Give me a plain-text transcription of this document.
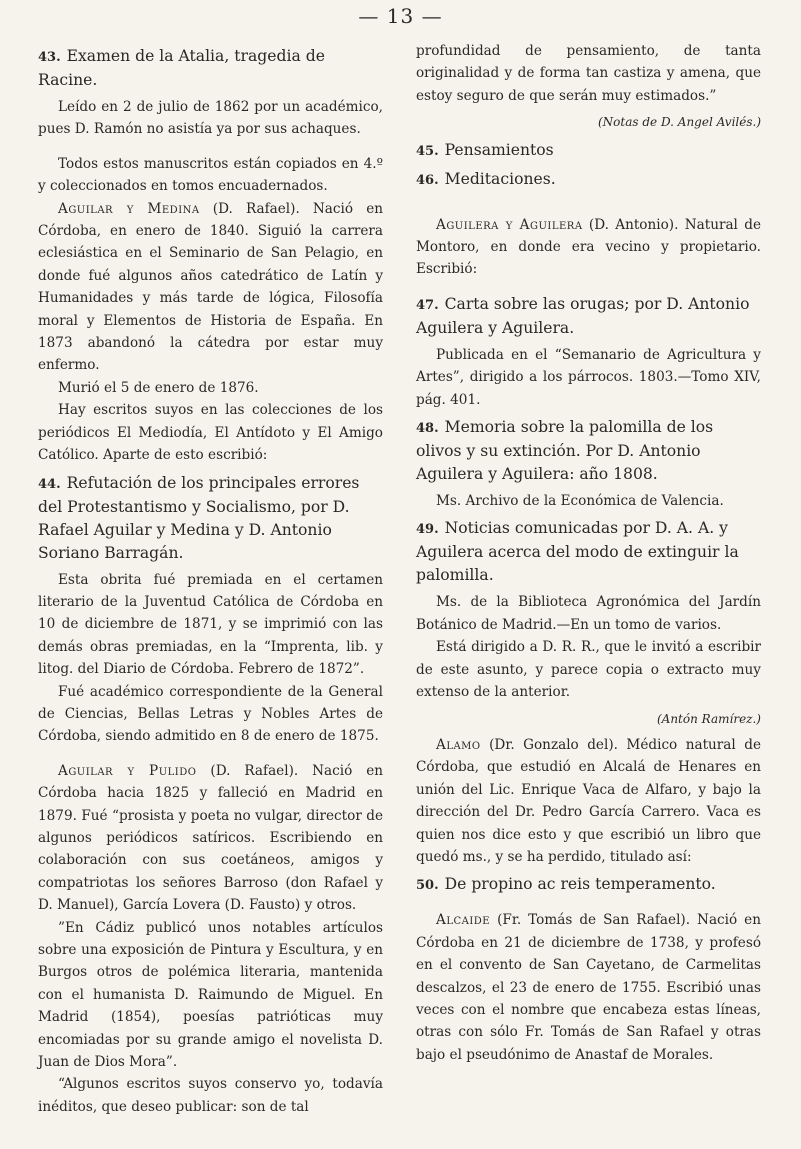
— 13 —

43. Examen de la Atalia, tragedia de Racine.

Leído en 2 de julio de 1862 por un académico, pues D. Ramón no asistía ya por sus achaques.

Todos estos manuscritos están copiados en 4.º y coleccionados en tomos encuadernados.

Aguilar y Medina (D. Rafael). Nació en Córdoba, en enero de 1840. Siguió la carrera eclesiástica en el Seminario de San Pelagio, en donde fué algunos años catedrático de Latín y Humanidades y más tarde de lógica, Filosofía moral y Elementos de Historia de España. En 1873 abandonó la cátedra por estar muy enfermo.

Murió el 5 de enero de 1876.

Hay escritos suyos en las colecciones de los periódicos El Mediodía, El Antídoto y El Amigo Católico. Aparte de esto escribió:

44. Refutación de los principales errores del Protestantismo y Socialismo, por D. Rafael Aguilar y Medina y D. Antonio Soriano Barragán.

Esta obrita fué premiada en el certamen literario de la Juventud Católica de Córdoba en 10 de diciembre de 1871, y se imprimió con las demás obras premiadas, en la “Imprenta, lib. y litog. del Diario de Córdoba. Febrero de 1872”.

Fué académico correspondiente de la General de Ciencias, Bellas Letras y Nobles Artes de Córdoba, siendo admitido en 8 de enero de 1875.

Aguilar y Pulido (D. Rafael). Nació en Córdoba hacia 1825 y falleció en Madrid en 1879. Fué “prosista y poeta no vulgar, director de algunos periódicos satíricos. Escribiendo en colaboración con sus coetáneos, amigos y compatriotas los señores Barroso (don Rafael y D. Manuel), García Lovera (D. Fausto) y otros.

”En Cádiz publicó unos notables artículos sobre una exposición de Pintura y Escultura, y en Burgos otros de polémica literaria, mantenida con el humanista D. Raimundo de Miguel. En Madrid (1854), poesías patrióticas muy encomiadas por su grande amigo el novelista D. Juan de Dios Mora”.

“Algunos escritos suyos conservo yo, todavía inéditos, que deseo publicar: son de tal

profundidad de pensamiento, de tanta originalidad y de forma tan castiza y amena, que estoy seguro de que serán muy estimados.”

(Notas de D. Angel Avilés.)

45. Pensamientos

46. Meditaciones.

Aguilera y Aguilera (D. Antonio). Natural de Montoro, en donde era vecino y propietario. Escribió:

47. Carta sobre las orugas; por D. Antonio Aguilera y Aguilera.

Publicada en el “Semanario de Agricultura y Artes”, dirigido a los párrocos. 1803.—Tomo XIV, pág. 401.

48. Memoria sobre la palomilla de los olivos y su extinción. Por D. Antonio Aguilera y Aguilera: año 1808.

Ms. Archivo de la Económica de Valencia.

49. Noticias comunicadas por D. A. A. y Aguilera acerca del modo de extinguir la palomilla.

Ms. de la Biblioteca Agronómica del Jardín Botánico de Madrid.—En un tomo de varios.

Está dirigido a D. R. R., que le invitó a escribir de este asunto, y parece copia o extracto muy extenso de la anterior.

(Antón Ramírez.)

Alamo (Dr. Gonzalo del). Médico natural de Córdoba, que estudió en Alcalá de Henares en unión del Lic. Enrique Vaca de Alfaro, y bajo la dirección del Dr. Pedro García Carrero. Vaca es quien nos dice esto y que escribió un libro que quedó ms., y se ha perdido, titulado así:

50. De propino ac reis temperamento.

Alcaide (Fr. Tomás de San Rafael). Nació en Córdoba en 21 de diciembre de 1738, y profesó en el convento de San Cayetano, de Carmelitas descalzos, el 23 de enero de 1755. Escribió unas veces con el nombre que encabeza estas líneas, otras con sólo Fr. Tomás de San Rafael y otras bajo el pseudónimo de Anastaf de Morales.
